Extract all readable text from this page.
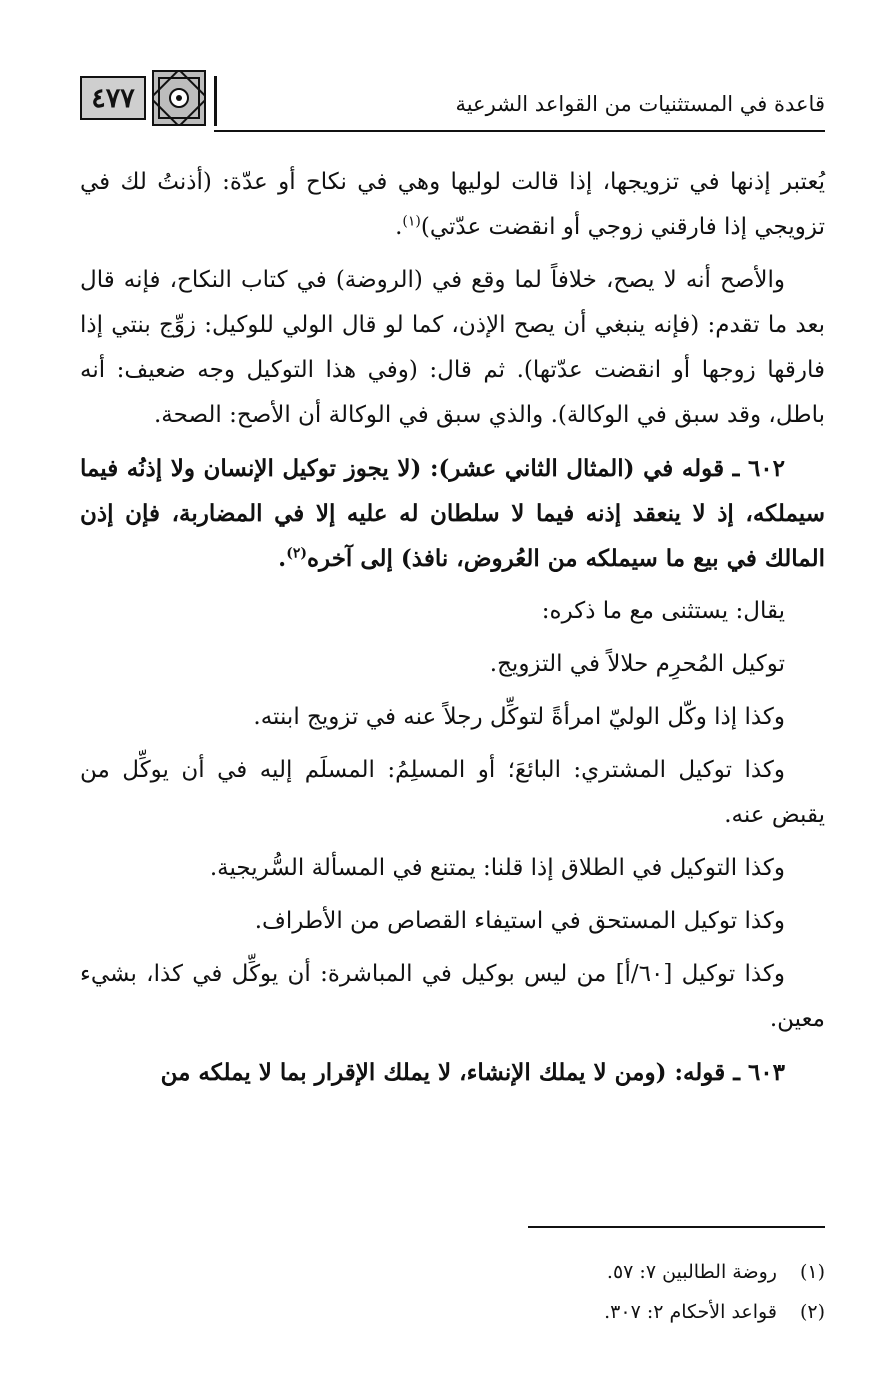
٤٧٧	قاعدة في المستثنيات من القواعد الشرعية

يُعتبر إذنها في تزويجها، إذا قالت لوليها وهي في نكاح أو عدّة: (أذنتُ لك في تزويجي إذا فارقني زوجي أو انقضت عدّتي)$^{(١)}$.

والأصح أنه لا يصح، خلافاً لما وقع في (الروضة) في كتاب النكاح، فإنه قال بعد ما تقدم: (فإنه ينبغي أن يصح الإذن، كما لو قال الولي للوكيل: زوِّج بنتي إذا فارقها زوجها أو انقضت عدّتها). ثم قال: (وفي هذا التوكيل وجه ضعيف: أنه باطل، وقد سبق في الوكالة). والذي سبق في الوكالة أن الأصح: الصحة.

٦٠٢ ـ قوله في (المثال الثاني عشر): (لا يجوز توكيل الإنسان ولا إذنُه فيما سيملكه، إذ لا ينعقد إذنه فيما لا سلطان له عليه إلا في المضاربة، فإن إذن المالك في بيع ما سيملكه من العُروض، نافذ) إلى آخره$^{(٢)}$.

يقال: يستثنى مع ما ذكره:

توكيل المُحرِم حلالاً في التزويج.

وكذا إذا وكّل الوليّ امرأةً لتوكِّل رجلاً عنه في تزويج ابنته.

وكذا توكيل المشتري: البائعَ؛ أو المسلِمُ: المسلَم إليه في أن يوكِّل من يقبض عنه.

وكذا التوكيل في الطلاق إذا قلنا: يمتنع في المسألة السُّريجية.

وكذا توكيل المستحق في استيفاء القصاص من الأطراف.

وكذا توكيل [٦٠/أ] من ليس بوكيل في المباشرة: أن يوكِّل في كذا، بشيء معين.

٦٠٣ ـ قوله: (ومن لا يملك الإنشاء، لا يملك الإقرار بما لا يملكه من

(١) روضة الطالبين ٧: ٥٧.
(٢) قواعد الأحكام ٢: ٣٠٧.
